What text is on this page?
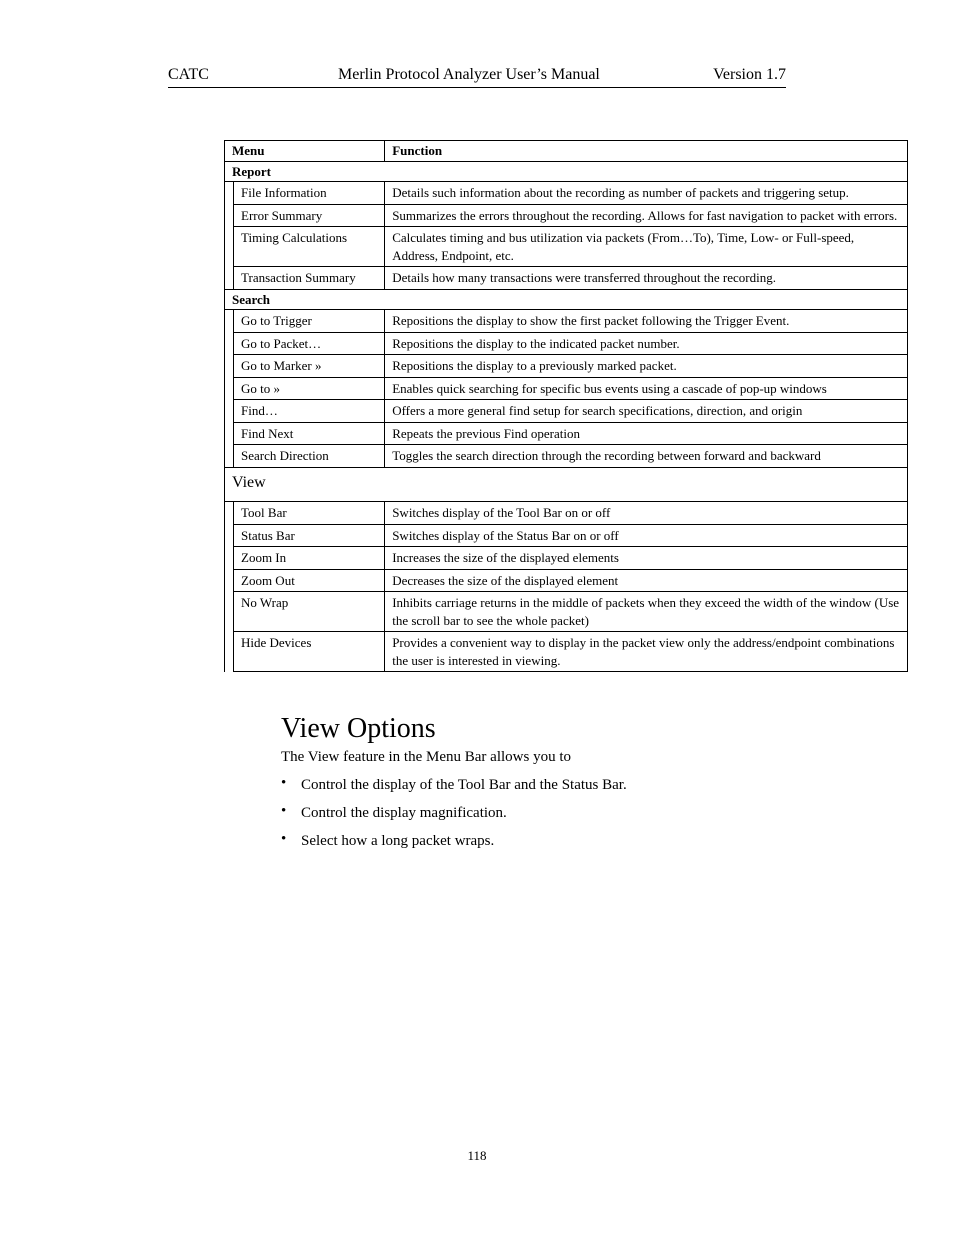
CATC	Merlin Protocol Analyzer User’s Manual	Version 1.7
Menu		Function
Report		
	File Information	Details such information about the recording as number of packets and triggering setup.
	Error Summary	Summarizes the errors throughout the recording. Allows for fast navigation to packet with errors.
	Timing Calculations	Calculates timing and bus utilization via packets (From…To), Time, Low- or Full-speed, Address, Endpoint, etc.
	Transaction Summary	Details how many transactions were transferred throughout the recording.
Search		
	Go to Trigger	Repositions the display to show the first packet following the Trigger Event.
	Go to Packet…	Repositions the display to the indicated packet number.
	Go to Marker »	Repositions the display to a previously marked packet.
	Go to »	Enables quick searching for specific bus events using a cascade of pop-up windows
	Find…	Offers a more general find setup for search specifications, direction, and origin
	Find Next	Repeats the previous Find operation
	Search Direction	Toggles the search direction through the recording between forward and backward
View		
	Tool Bar	Switches display of the Tool Bar on or off
	Status Bar	Switches display of the Status Bar on or off
	Zoom In	Increases the size of the displayed elements
	Zoom Out	Decreases the size of the displayed element
	No Wrap	Inhibits carriage returns in the middle of packets when they exceed the width of the window (Use the scroll bar to see the whole packet)
	Hide Devices	Provides a convenient way to display in the packet view only the address/endpoint combinations the user is interested in viewing.
View Options

The View feature in the Menu Bar allows you to

• Control the display of the Tool Bar and the Status Bar.
• Control the display magnification.
• Select how a long packet wraps.
118
